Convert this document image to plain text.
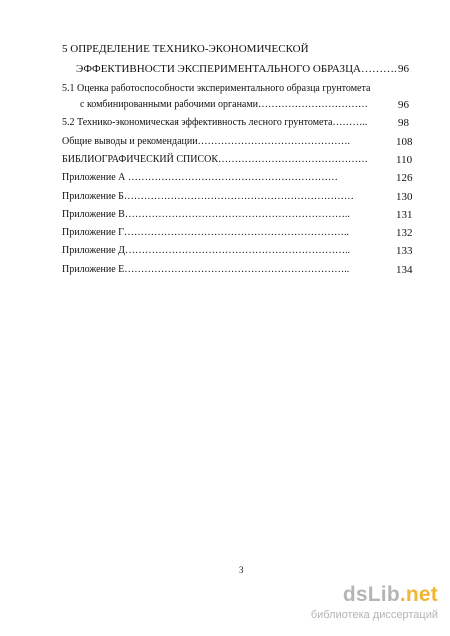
5 ОПРЕДЕЛЕНИЕ ТЕХНИКО-ЭКОНОМИЧЕСКОЙ
ЭФФЕКТИВНОСТИ ЭКСПЕРИМЕНТАЛЬНОГО ОБРАЗЦА………. 96
5.1 Оценка работоспособности экспериментального образца грунтомета
с комбинированными рабочими органами……………………………	96
5.2 Технико-экономическая эффективность лесного грунтомета………..	98
Общие выводы и рекомендации……………………………………….	108
БИБЛИОГРАФИЧЕСКИЙ СПИСОК………………………………………	110
Приложение А ………………………………………………………	126
Приложение Б……………………………………………………………	130
Приложение В…………………………………………………………..	131
Приложение Г…………………………………………………………..	132
Приложение Д…………………………………………………………..	133
Приложение Е…………………………………………………………..	134
3
dsLib.net
библиотека диссертаций
